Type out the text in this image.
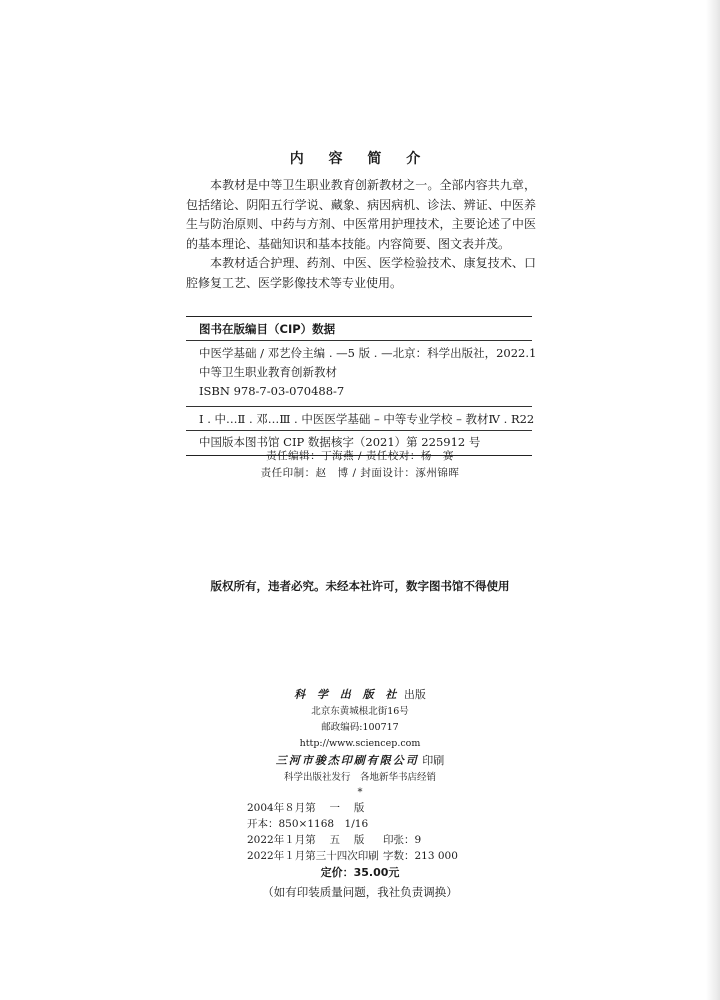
内 容 简 介

本教材是中等卫生职业教育创新教材之一。全部内容共九章，包括绪论、阴阳五行学说、藏象、病因病机、诊法、辨证、中医养生与防治原则、中药与方剂、中医常用护理技术，主要论述了中医的基本理论、基础知识和基本技能。内容简要、图文表并茂。

本教材适合护理、药剂、中医、医学检验技术、康复技术、口腔修复工艺、医学影像技术等专业使用。

图书在版编目（CIP）数据
中医学基础 / 邓艺伶主编 . —5 版 . —北京：科学出版社，2022.1
中等卫生职业教育创新教材
ISBN 978-7-03-070488-7
Ⅰ . 中… Ⅱ . 邓… Ⅲ . 中医医学基础 – 中等专业学校 – 教材 Ⅳ . R22
中国版本图书馆 CIP 数据核字（2021）第 225912 号
责任编辑：丁海燕 / 责任校对：杨　赛
责任印制：赵　博 / 封面设计：涿州锦晖
版权所有，违者必究。未经本社许可，数字图书馆不得使用
科 学 出 版 社 出版
北京东黄城根北街16号
邮政编码:100717
http://www.sciencep.com
三河市骏杰印刷有限公司 印刷
科学出版社发行　各地新华书店经销
*
2004年８月第　 一　 版开本：850×1168　1/16
2022年１月第　 五　 版 印张：9
2022年１月第三十四次印刷 字数：213 000
定价：35.00元
（如有印装质量问题，我社负责调换）
